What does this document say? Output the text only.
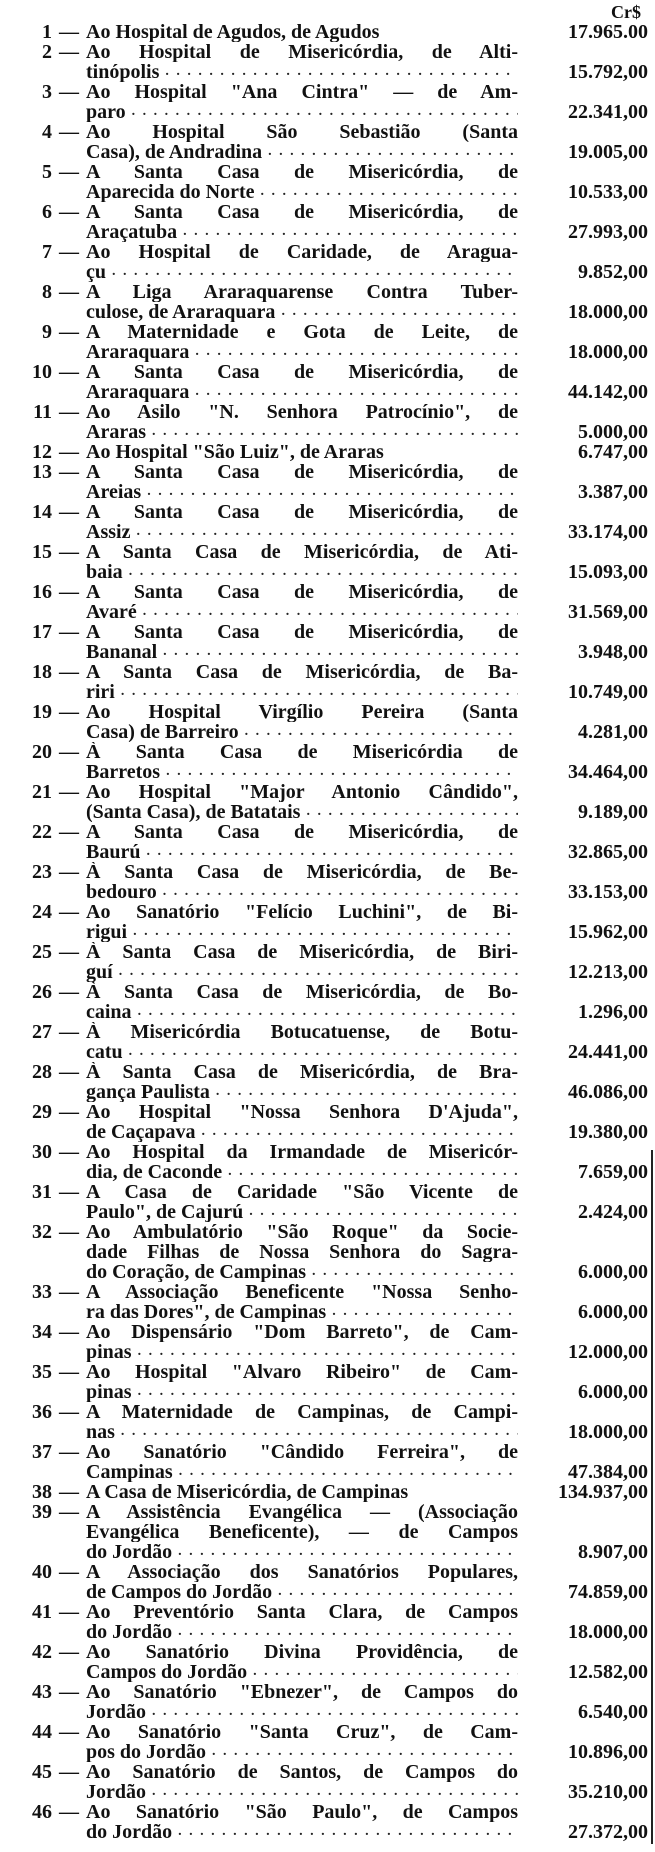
Cr$
1 — Ao Hospital de Agudos, de Agudos	17.965.00
2 — Ao Hospital de Misericórdia, de Alti-
tinópolis . . .	15.792,00
3 — Ao Hospital "Ana Cintra" — de Am-
paro . . .	22.341,00
4 — Ao Hospital São Sebastião (Santa
Casa), de Andradina . . .	19.005,00
5 — A Santa Casa de Misericórdia, de
Aparecida do Norte . . .	10.533,00
6 — A Santa Casa de Misericórdia, de
Araçatuba . . .	27.993,00
7 — Ao Hospital de Caridade, de Aragua-
çu . . .	9.852,00
8 — A Liga Araraquarense Contra Tuber-
culose, de Araraquara . . .	18.000,00
9 — A Maternidade e Gota de Leite, de
Araraquara . . .	18.000,00
10 — A Santa Casa de Misericórdia, de
Araraquara . . .	44.142,00
11 — Ao Asilo "N. Senhora Patrocínio", de
Araras . . .	5.000,00
12 — Ao Hospital "São Luiz", de Araras	6.747,00
13 — A Santa Casa de Misericórdia, de
Areias . . .	3.387,00
14 — A Santa Casa de Misericórdia, de
Assiz . . .	33.174,00
15 — A Santa Casa de Misericórdia, de Ati-
baia . . .	15.093,00
16 — A Santa Casa de Misericórdia, de
Avaré . . .	31.569,00
17 — A Santa Casa de Misericórdia, de
Bananal . . .	3.948,00
18 — A Santa Casa de Misericórdia, de Ba-
riri . . .	10.749,00
19 — Ao Hospital Virgílio Pereira (Santa
Casa) de Barreiro . . .	4.281,00
20 — À Santa Casa de Misericórdia de
Barretos . . .	34.464,00
21 — Ao Hospital "Major Antonio Cândido",
(Santa Casa), de Batatais . . .	9.189,00
22 — A Santa Casa de Misericórdia, de
Baurú . . .	32.865,00
23 — À Santa Casa de Misericórdia, de Be-
bedouro . . .	33.153,00
24 — Ao Sanatório "Felício Luchini", de Bi-
rigui . . .	15.962,00
25 — À Santa Casa de Misericórdia, de Biri-
guí . . .	12.213,00
26 — À Santa Casa de Misericórdia, de Bo-
caina . . .	1.296,00
27 — À Misericórdia Botucatuense, de Botu-
catu . . .	24.441,00
28 — À Santa Casa de Misericórdia, de Bra-
gança Paulista . . .	46.086,00
29 — Ao Hospital "Nossa Senhora D'Ajuda",
de Caçapava . . .	19.380,00
30 — Ao Hospital da Irmandade de Misericór-
dia, de Caconde . . .	7.659,00
31 — A Casa de Caridade "São Vicente de
Paulo", de Cajurú . . .	2.424,00
32 — Ao Ambulatório "São Roque" da Socie-
dade Filhas de Nossa Senhora do Sagra-
do Coração, de Campinas . . .	6.000,00
33 — A Associação Beneficente "Nossa Senho-
ra das Dores", de Campinas . . .	6.000,00
34 — Ao Dispensário "Dom Barreto", de Cam-
pinas . . .	12.000,00
35 — Ao Hospital "Alvaro Ribeiro" de Cam-
pinas . . .	6.000,00
36 — A Maternidade de Campinas, de Campi-
nas . . .	18.000,00
37 — Ao Sanatório "Cândido Ferreira", de
Campinas . . .	47.384,00
38 — A Casa de Misericórdia, de Campinas	134.937,00
39 — A Assistência Evangélica — (Associação
Evangélica Beneficente), — de Campos
do Jordão . . .	8.907,00
40 — A Associação dos Sanatórios Populares,
de Campos do Jordão . . .	74.859,00
41 — Ao Preventório Santa Clara, de Campos
do Jordão . . .	18.000,00
42 — Ao Sanatório Divina Providência, de
Campos do Jordão . . .	12.582,00
43 — Ao Sanatório "Ebnezer", de Campos do
Jordão . . .	6.540,00
44 — Ao Sanatório "Santa Cruz", de Cam-
pos do Jordão . . .	10.896,00
45 — Ao Sanatório de Santos, de Campos do
Jordão . . .	35.210,00
46 — Ao Sanatório "São Paulo", de Campos
do Jordão . . .	27.372,00
